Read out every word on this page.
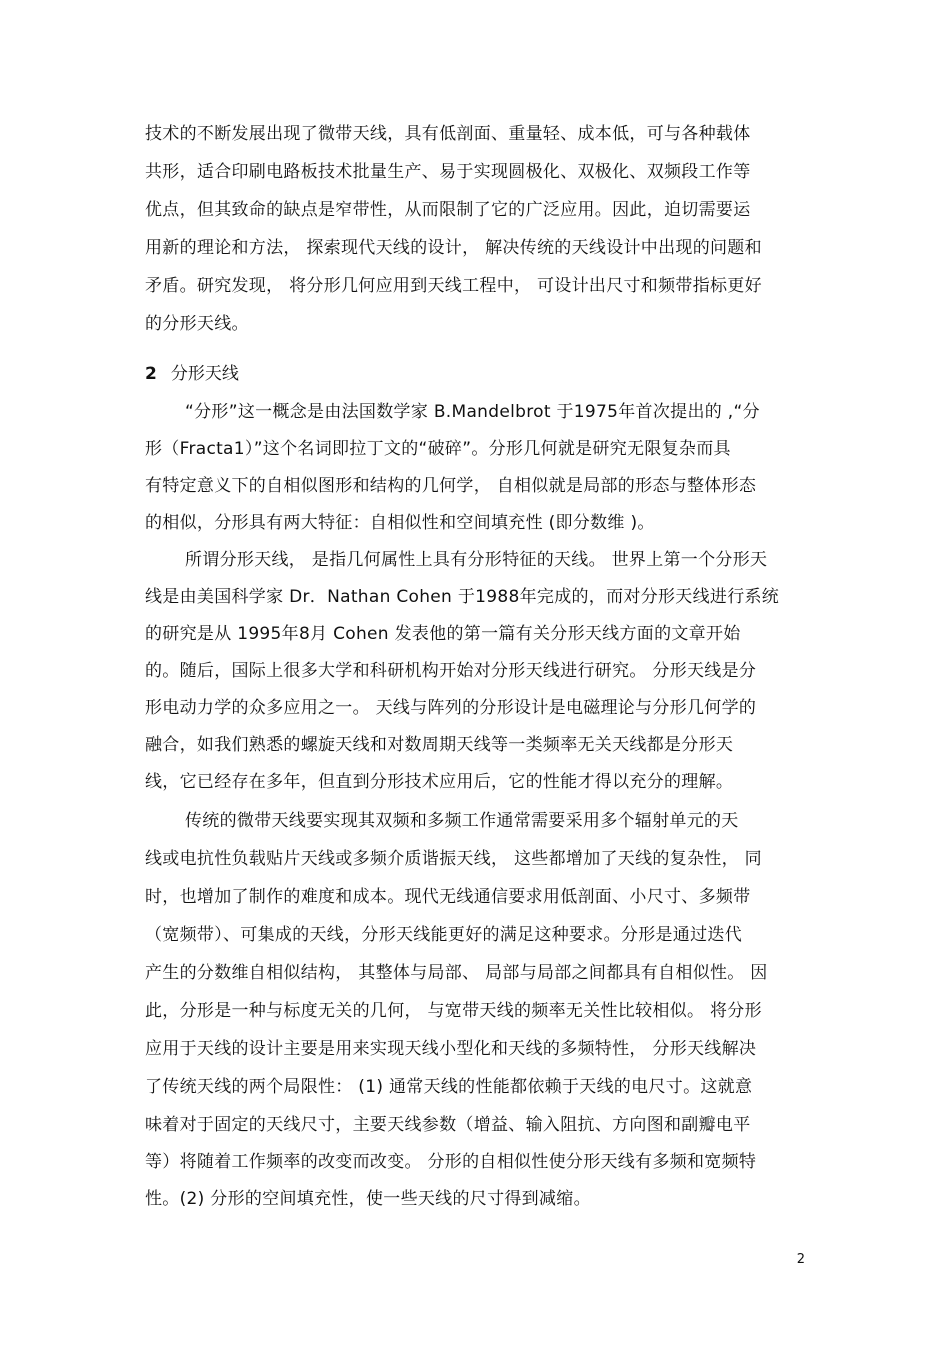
技术的不断发展出现了微带天线，具有低剖面、重量轻、成本低，可与各种载体
共形，适合印刷电路板技术批量生产、易于实现圆极化、双极化、双频段工作等
优点，但其致命的缺点是窄带性，从而限制了它的广泛应用。因此，迫切需要运
用新的理论和方法， 探索现代天线的设计， 解决传统的天线设计中出现的问题和
矛盾。研究发现， 将分形几何应用到天线工程中， 可设计出尺寸和频带指标更好
的分形天线。
2 分形天线
“分形”这一概念是由法国数学家 B.Mandelbrot 于1975年首次提出的 ,“分
形（Fracta1）”这个名词即拉丁文的“破碎”。分形几何就是研究无限复杂而具
有特定意义下的自相似图形和结构的几何学， 自相似就是局部的形态与整体形态
的相似，分形具有两大特征：自相似性和空间填充性 (即分数维 )。
所谓分形天线， 是指几何属性上具有分形特征的天线。 世界上第一个分形天
线是由美国科学家 Dr．Nathan Cohen 于1988年完成的，而对分形天线进行系统
的研究是从 1995年8月 Cohen 发表他的第一篇有关分形天线方面的文章开始
的。随后，国际上很多大学和科研机构开始对分形天线进行研究。 分形天线是分
形电动力学的众多应用之一。 天线与阵列的分形设计是电磁理论与分形几何学的
融合，如我们熟悉的螺旋天线和对数周期天线等一类频率无关天线都是分形天
线，它已经存在多年，但直到分形技术应用后，它的性能才得以充分的理解。
传统的微带天线要实现其双频和多频工作通常需要采用多个辐射单元的天
线或电抗性负载贴片天线或多频介质谐振天线， 这些都增加了天线的复杂性， 同
时，也增加了制作的难度和成本。现代无线通信要求用低剖面、小尺寸、多频带
（宽频带）、可集成的天线，分形天线能更好的满足这种要求。分形是通过迭代
产生的分数维自相似结构， 其整体与局部、 局部与局部之间都具有自相似性。 因
此，分形是一种与标度无关的几何， 与宽带天线的频率无关性比较相似。 将分形
应用于天线的设计主要是用来实现天线小型化和天线的多频特性， 分形天线解决
了传统天线的两个局限性： (1) 通常天线的性能都依赖于天线的电尺寸。这就意
味着对于固定的天线尺寸，主要天线参数（增益、输入阻抗、方向图和副瓣电平
等）将随着工作频率的改变而改变。 分形的自相似性使分形天线有多频和宽频特
性。(2) 分形的空间填充性，使一些天线的尺寸得到减缩。
2
